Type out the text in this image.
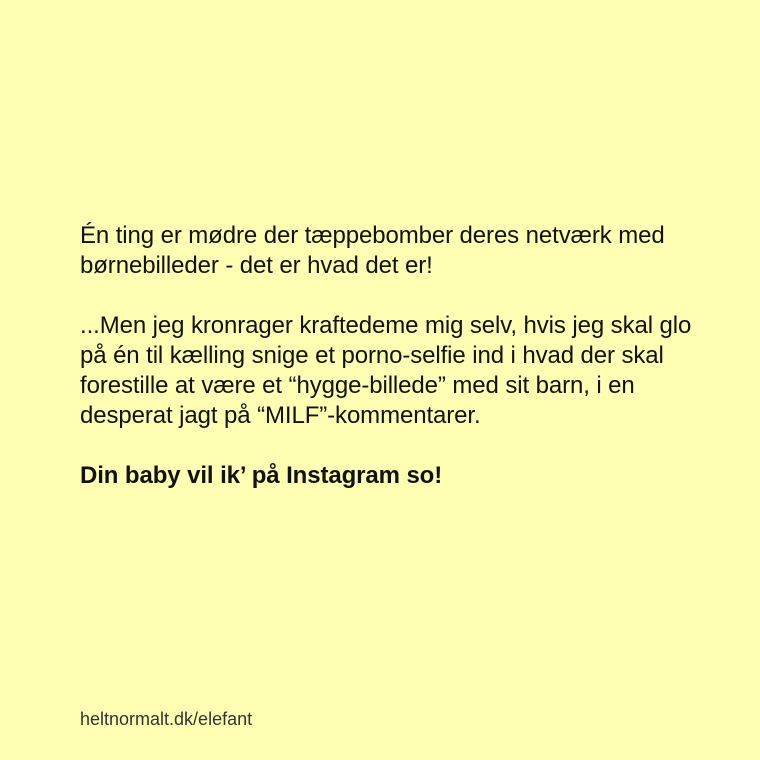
Én ting er mødre der tæppebomber deres netværk med børnebilleder - det er hvad det er!

...Men jeg kronrager kraftedeme mig selv, hvis jeg skal glo på én til kælling snige et porno-selfie ind i hvad der skal forestille at være et “hygge-billede” med sit barn, i en desperat jagt på “MILF”-kommentarer.

Din baby vil ik’ på Instagram so!

heltnormalt.dk/elefant
